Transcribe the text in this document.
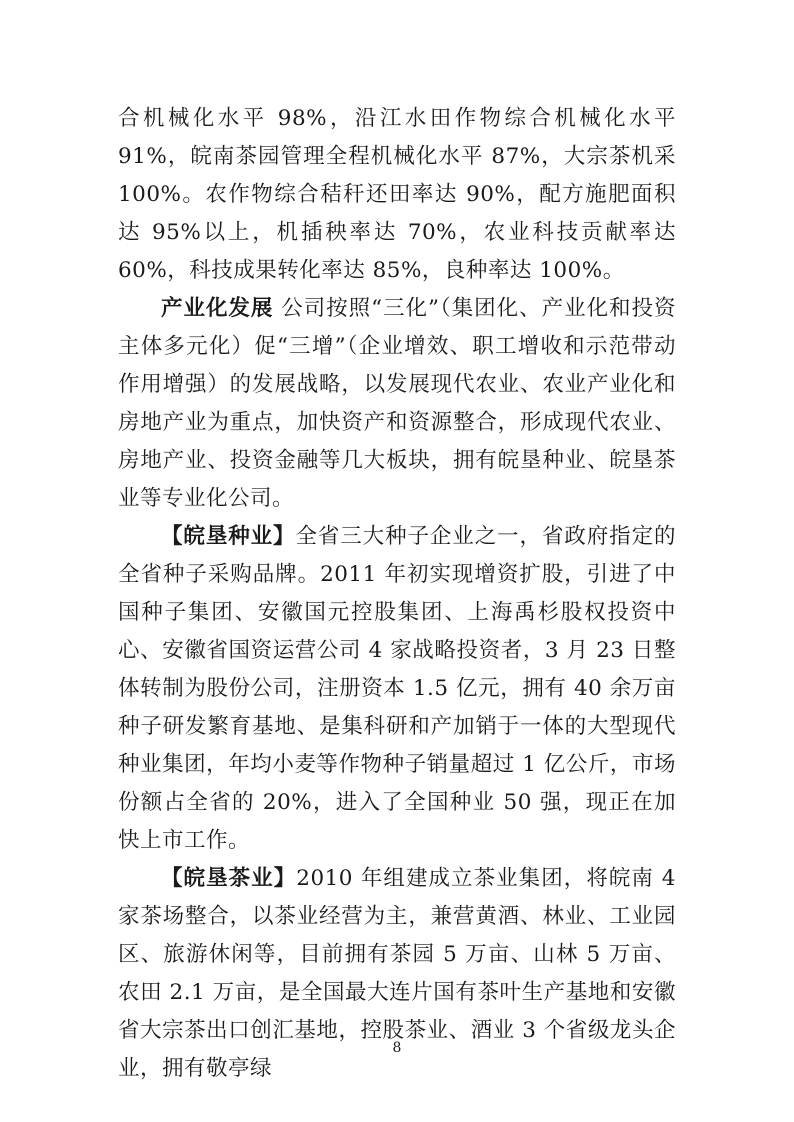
合机械化水平 98%，沿江水田作物综合机械化水平 91%，皖南茶园管理全程机械化水平 87%，大宗茶机采 100%。农作物综合秸秆还田率达 90%，配方施肥面积达 95%以上，机插秧率达 70%，农业科技贡献率达 60%，科技成果转化率达 85%，良种率达 100%。

产业化发展 公司按照“三化”（集团化、产业化和投资主体多元化）促“三增”（企业增效、职工增收和示范带动作用增强）的发展战略，以发展现代农业、农业产业化和房地产业为重点，加快资产和资源整合，形成现代农业、房地产业、投资金融等几大板块，拥有皖垦种业、皖垦茶业等专业化公司。

【皖垦种业】全省三大种子企业之一，省政府指定的全省种子采购品牌。2011 年初实现增资扩股，引进了中国种子集团、安徽国元控股集团、上海禹杉股权投资中心、安徽省国资运营公司 4 家战略投资者，3 月 23 日整体转制为股份公司，注册资本 1.5 亿元，拥有 40 余万亩种子研发繁育基地、是集科研和产加销于一体的大型现代种业集团，年均小麦等作物种子销量超过 1 亿公斤，市场份额占全省的 20%，进入了全国种业 50 强，现正在加快上市工作。

【皖垦茶业】2010 年组建成立茶业集团，将皖南 4 家茶场整合，以茶业经营为主，兼营黄酒、林业、工业园区、旅游休闲等，目前拥有茶园 5 万亩、山林 5 万亩、农田 2.1 万亩，是全国最大连片国有茶叶生产基地和安徽省大宗茶出口创汇基地，控股茶业、酒业 3 个省级龙头企业，拥有敬亭绿

8
